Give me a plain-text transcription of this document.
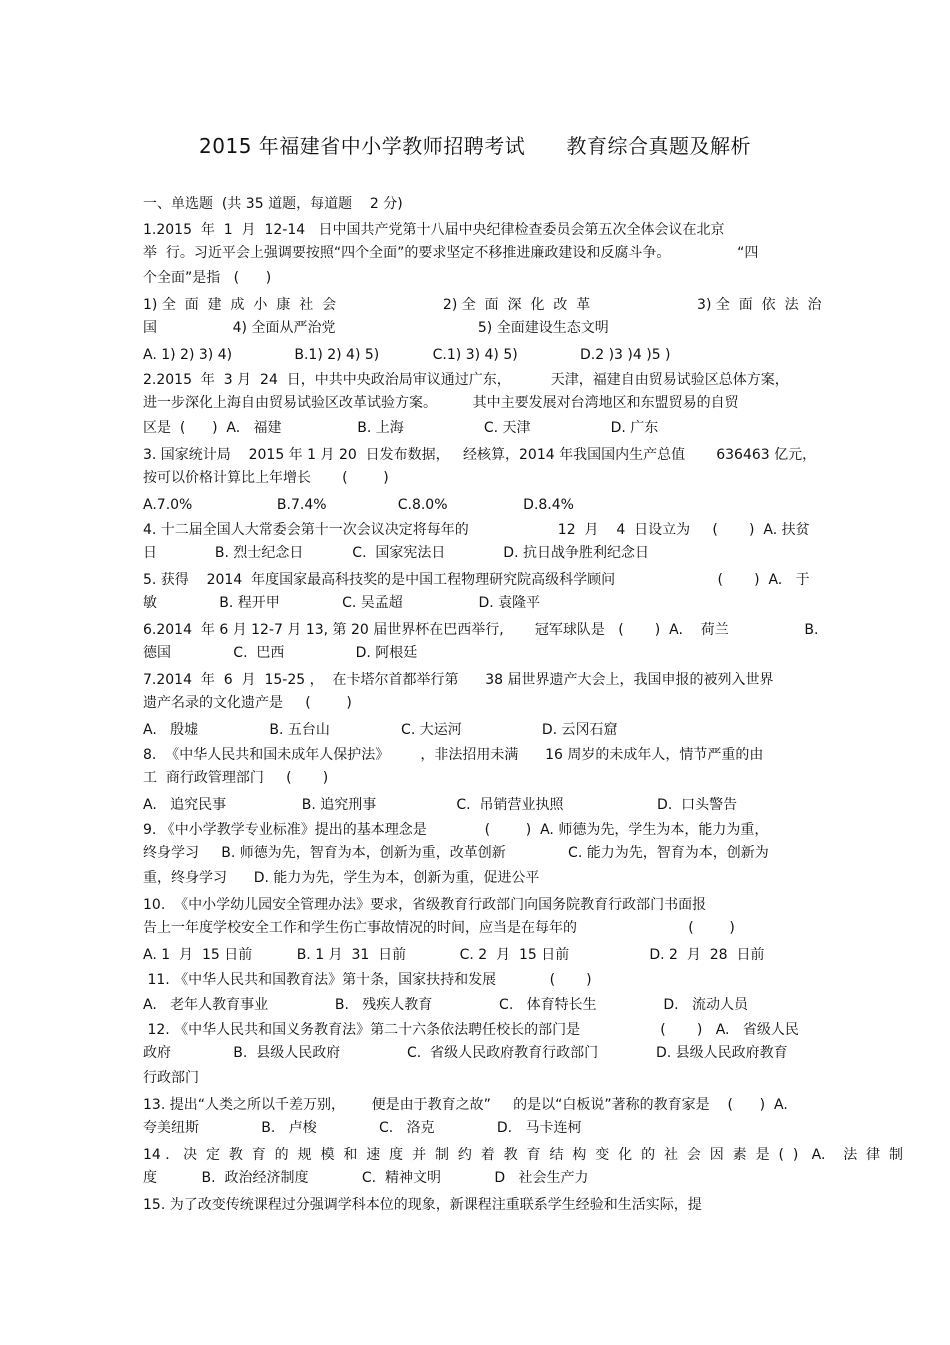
2015 年福建省中小学教师招聘考试      教育综合真题及解析
一、单选题  (共 35 道题，每道题    2 分)
1.2015  年  1  月  12-14   日中国共产党第十八届中央纪律检查委员会第五次全体会议在北京
举  行。习近平会上强调要按照“四个全面”的要求坚定不移推进廉政建设和反腐斗争。               “四
个全面”是指   (      )
1) 全  面  建  成  小  康  社  会                        2) 全  面  深  化  改  革                        3) 全  面  依  法  治
国                 4) 全面从严治党                                5) 全面建设生态文明
A. 1) 2) 3) 4)              B.1) 2) 4) 5)            C.1) 3) 4) 5)              D.2 )3 )4 )5 )
2.2015  年  3 月  24  日，中共中央政治局审议通过广东，         天津，福建自由贸易试验区总体方案，
进一步深化上海自由贸易试验区改革试验方案。        其中主要发展对台湾地区和东盟贸易的自贸
区是  (      )  A.   福建                 B. 上海                  C. 天津                  D. 广东
3. 国家统计局    2015 年 1 月 20  日发布数据，   经核算，2014 年我国国内生产总值       636463 亿元，
按可以价格计算比上年增长       (        )
A.7.0%                   B.7.4%                C.8.0%                 D.8.4%
4. 十二届全国人大常委会第十一次会议决定将每年的                    12  月    4  日设立为     (       )  A. 扶贫
日             B. 烈士纪念日           C.  国家宪法日             D. 抗日战争胜利纪念日
5. 获得    2014  年度国家最高科技奖的是中国工程物理研究院高级科学顾问                       (       )  A.   于
敏              B. 程开甲              C. 吴孟超                 D. 袁隆平
6.2014  年 6 月 12-7 月 13, 第 20 届世界杯在巴西举行,       冠军球队是   (       )  A.    荷兰                 B.
德国              C.  巴西                D. 阿根廷
7.2014  年  6  月  15-25 ，  在卡塔尔首都举行第      38 届世界遗产大会上，我国申报的被列入世界
遗产名录的文化遗产是     (        )
A.   殷墟                B. 五台山                C. 大运河                  D. 云冈石窟
8.  《中华人民共和国未成年人保护法》       ，非法招用未满      16 周岁的未成年人，情节严重的由
工  商行政管理部门     (       )
A.   追究民事                 B. 追究刑事                  C.  吊销营业执照                     D.  口头警告
9. 《中小学教学专业标准》提出的基本理念是             (        )  A. 师德为先，学生为本，能力为重，
终身学习     B. 师德为先，智育为本，创新为重，改革创新              C. 能力为先，智育为本，创新为
重，终身学习      D. 能力为先，学生为本，创新为重，促进公平
10.  《中小学幼儿园安全管理办法》要求，省级教育行政部门向国务院教育行政部门书面报
告上一年度学校安全工作和学生伤亡事故情况的时间，应当是在每年的                         (        )
A. 1  月  15 日前          B. 1 月  31  日前            C. 2  月  15 日前                  D. 2  月  28  日前
11. 《中华人民共和国教育法》第十条，国家扶持和发展            (       )
A.   老年人教育事业               B.   残疾人教育               C.   体育特长生               D.   流动人员
12. 《中华人民共和国义务教育法》第二十六条依法聘任校长的部门是                  (       )   A.   省级人民
政府              B.  县级人民政府               C.  省级人民政府教育行政部门             D. 县级人民政府教育
行政部门
13. 提出“人类之所以千差万别，      便是由于教育之故”     的是以“白板说”著称的教育家是    (      )  A.
夸美纽斯              B.   卢梭              C.   洛克              D.   马卡连柯
14 .   决  定  教  育  的  规  模  和  速  度  并  制  约  着  教  育  结  构  变  化  的  社  会  因  素  是  (  )   A.    法  律  制
度          B.  政治经济制度            C.  精神文明            D   社会生产力
15. 为了改变传统课程过分强调学科本位的现象，新课程注重联系学生经验和生活实际，提
